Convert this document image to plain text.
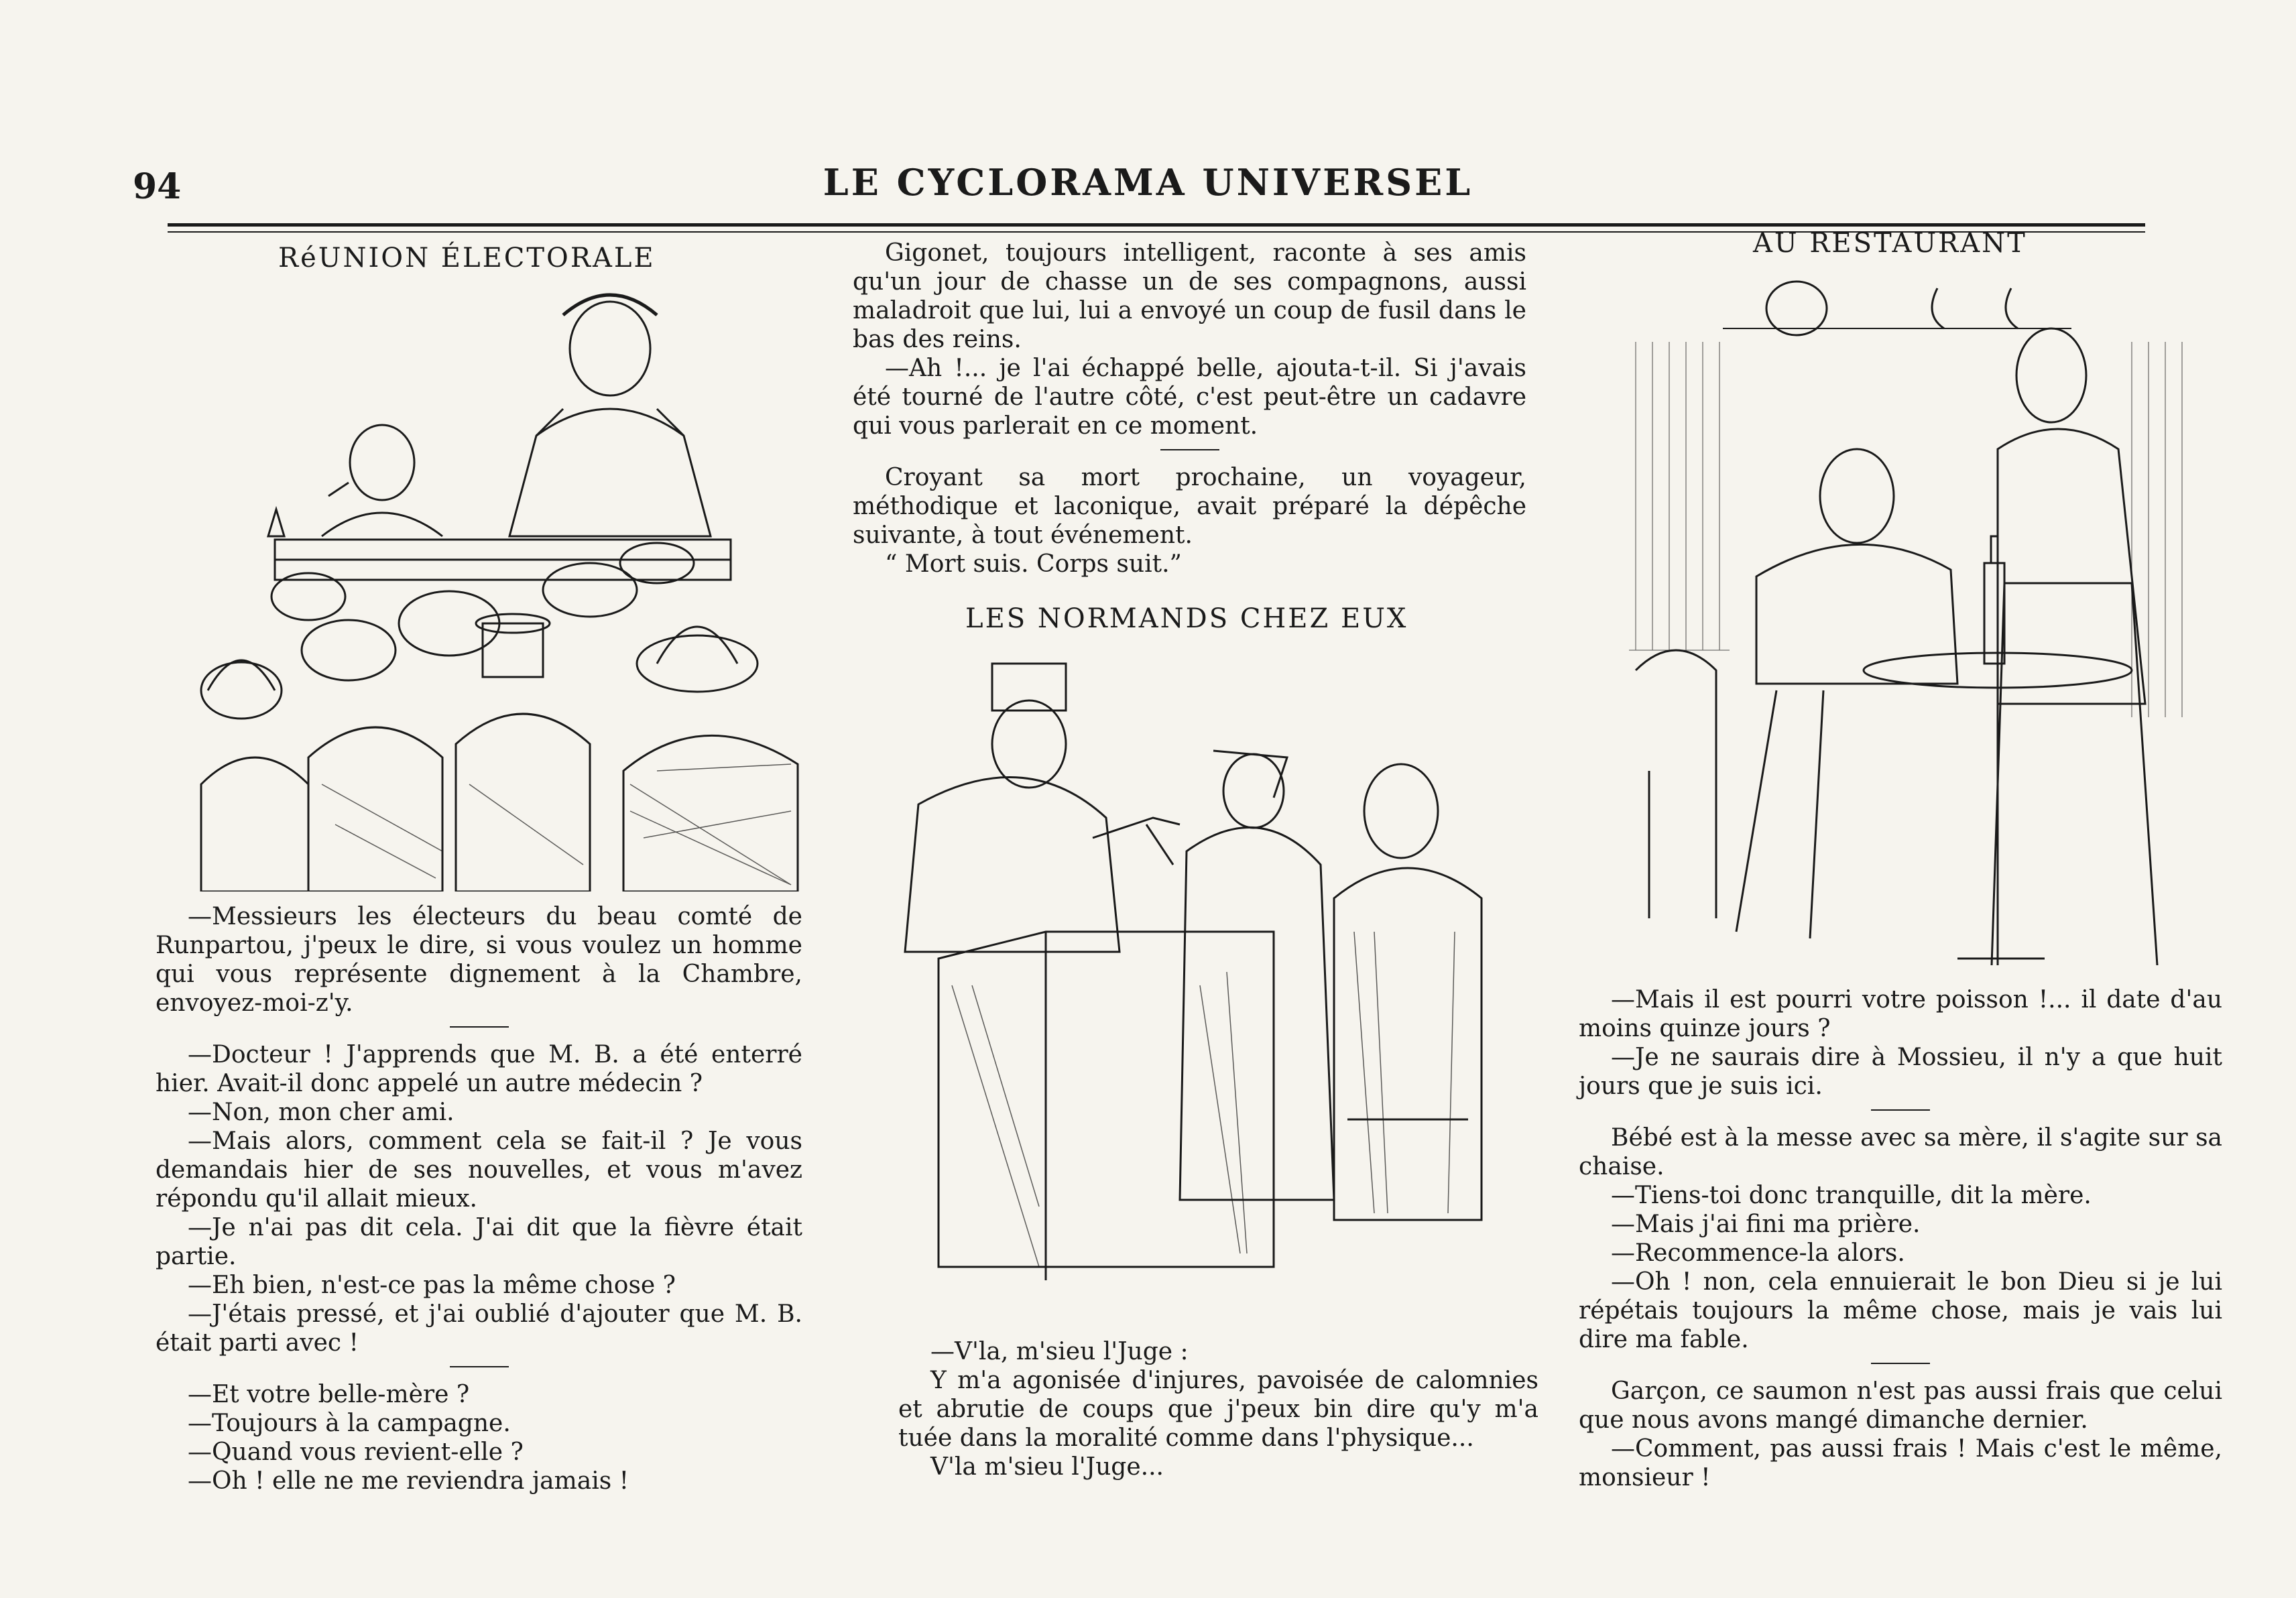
94	LE CYCLORAMA UNIVERSEL
RéUNION ÉLECTORALE

—Messieurs les électeurs du beau comté de Runpartou, j'peux le dire, si vous voulez un homme qui vous représente dignement à la Chambre, envoyez-moi-z'y.

—Docteur ! J'apprends que M. B. a été enterré hier. Avait-il donc appelé un autre médecin ?

—Non, mon cher ami.

—Mais alors, comment cela se fait-il ? Je vous demandais hier de ses nouvelles, et vous m'avez répondu qu'il allait mieux.

—Je n'ai pas dit cela. J'ai dit que la fièvre était partie.

—Eh bien, n'est-ce pas la même chose ?

—J'étais pressé, et j'ai oublié d'ajouter que M. B. était parti avec !

—Et votre belle-mère ?

—Toujours à la campagne.

—Quand vous revient-elle ?

—Oh ! elle ne me reviendra jamais !

Gigonet, toujours intelligent, raconte à ses amis qu'un jour de chasse un de ses compagnons, aussi maladroit que lui, lui a envoyé un coup de fusil dans le bas des reins.

—Ah !... je l'ai échappé belle, ajouta-t-il. Si j'avais été tourné de l'autre côté, c'est peut-être un cadavre qui vous parlerait en ce moment.

Croyant sa mort prochaine, un voyageur, méthodique et laconique, avait préparé la dépêche suivante, à tout événement.

“ Mort suis. Corps suit.”

LES NORMANDS CHEZ EUX

—V'la, m'sieu l'Juge :

Y m'a agonisée d'injures, pavoisée de calomnies et abrutie de coups que j'peux bin dire qu'y m'a tuée dans la moralité comme dans l'physique...

V'la m'sieu l'Juge...

AU RESTAURANT

—Mais il est pourri votre poisson !... il date d'au moins quinze jours ?

—Je ne saurais dire à Mossieu, il n'y a que huit jours que je suis ici.

Bébé est à la messe avec sa mère, il s'agite sur sa chaise.

—Tiens-toi donc tranquille, dit la mère.

—Mais j'ai fini ma prière.

—Recommence-la alors.

—Oh ! non, cela ennuierait le bon Dieu si je lui répétais toujours la même chose, mais je vais lui dire ma fable.

Garçon, ce saumon n'est pas aussi frais que celui que nous avons mangé dimanche dernier.

—Comment, pas aussi frais ! Mais c'est le même, monsieur !
